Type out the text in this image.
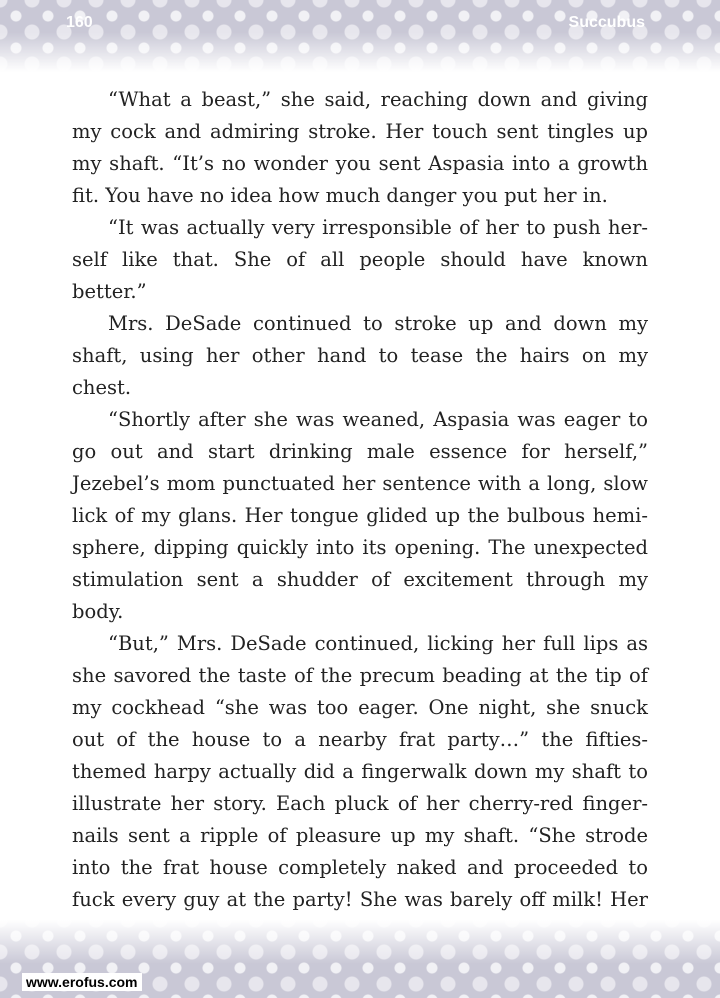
160	Succubus

“What a beast,” she said, reaching down and giving my cock and admiring stroke. Her touch sent tingles up my shaft. “It’s no wonder you sent Aspasia into a growth fit. You have no idea how much danger you put her in.

“It was actually very irresponsible of her to push her-self like that. She of all people should have known better.”

Mrs. DeSade continued to stroke up and down my shaft, using her other hand to tease the hairs on my chest.

“Shortly after she was weaned, Aspasia was eager to go out and start drinking male essence for herself,” Jezebel’s mom punctuated her sentence with a long, slow lick of my glans. Her tongue glided up the bulbous hemi-sphere, dipping quickly into its opening. The unexpected stimulation sent a shudder of excitement through my body.

“But,” Mrs. DeSade continued, licking her full lips as she savored the taste of the precum beading at the tip of my cockhead “she was too eager. One night, she snuck out of the house to a nearby frat party…” the fifties-themed harpy actually did a fingerwalk down my shaft to illustrate her story. Each pluck of her cherry-red finger-nails sent a ripple of pleasure up my shaft. “She strode into the frat house completely naked and proceeded to fuck every guy at the party! She was barely off milk! Her

www.erofus.com
